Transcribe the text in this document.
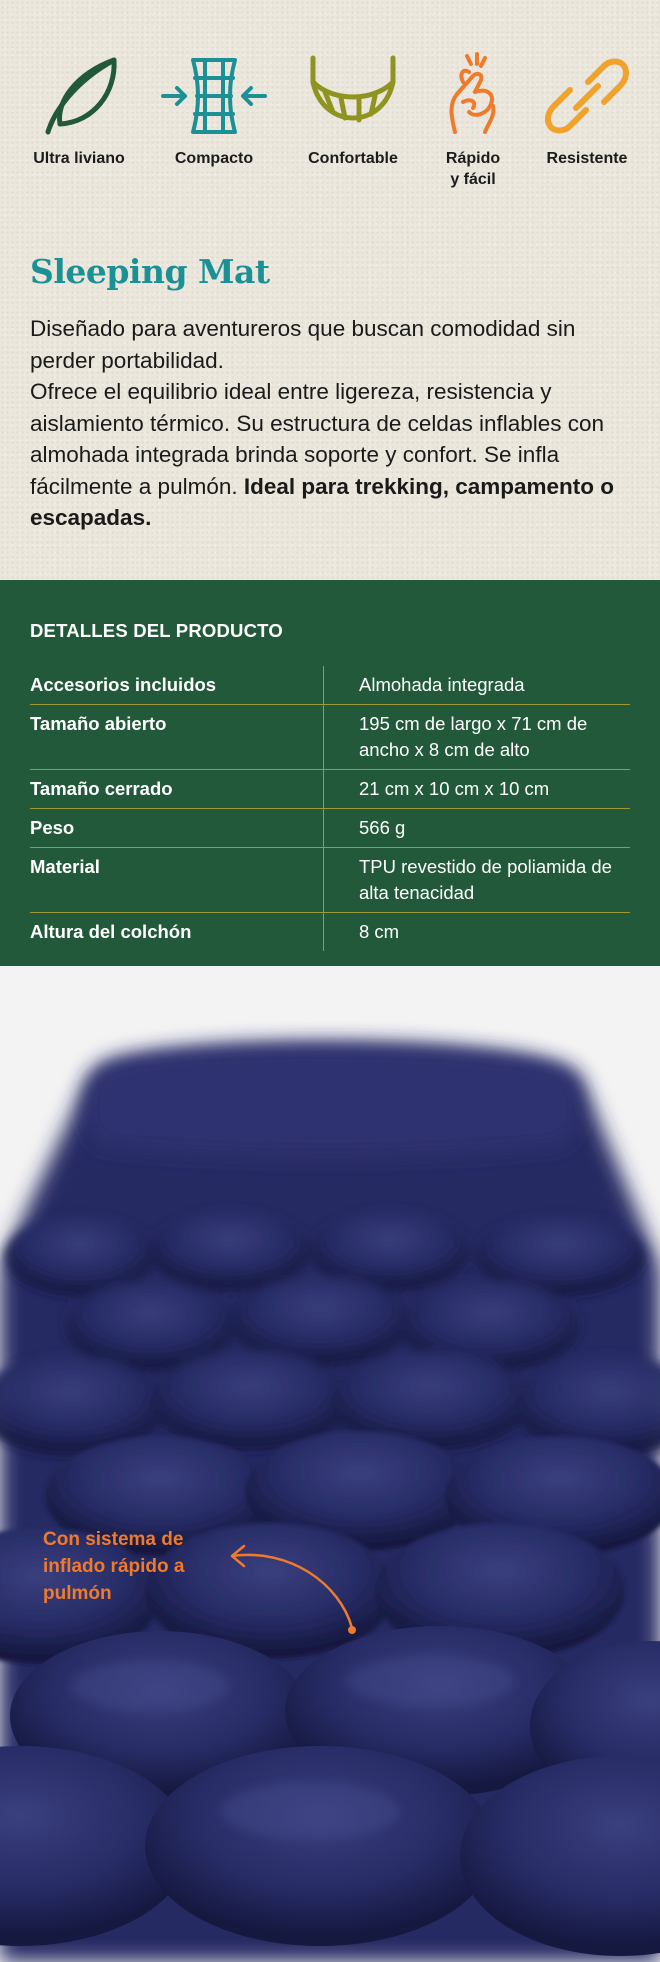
Ultra liviano	Compacto	Confortable	Rápido
y fácil
Resistente
Sleeping Mat

Diseñado para aventureros que buscan comodidad sin perder portabilidad.

Ofrece el equilibrio ideal entre ligereza, resistencia y aislamiento térmico. Su estructura de celdas inflables con almohada integrada brinda soporte y confort. Se infla fácilmente a pulmón. Ideal para trekking, campamento o escapadas.

DETALLES DEL PRODUCTO
Accesorios incluidos	Almohada integrada
Tamaño abierto	195 cm de largo x 71 cm de ancho x 8 cm de alto
Tamaño cerrado	21 cm x 10 cm x 10 cm
Peso	566 g
Material	TPU revestido de poliamida de alta tenacidad
Altura del colchón	8 cm

Con sistema de inflado rápido a pulmón
